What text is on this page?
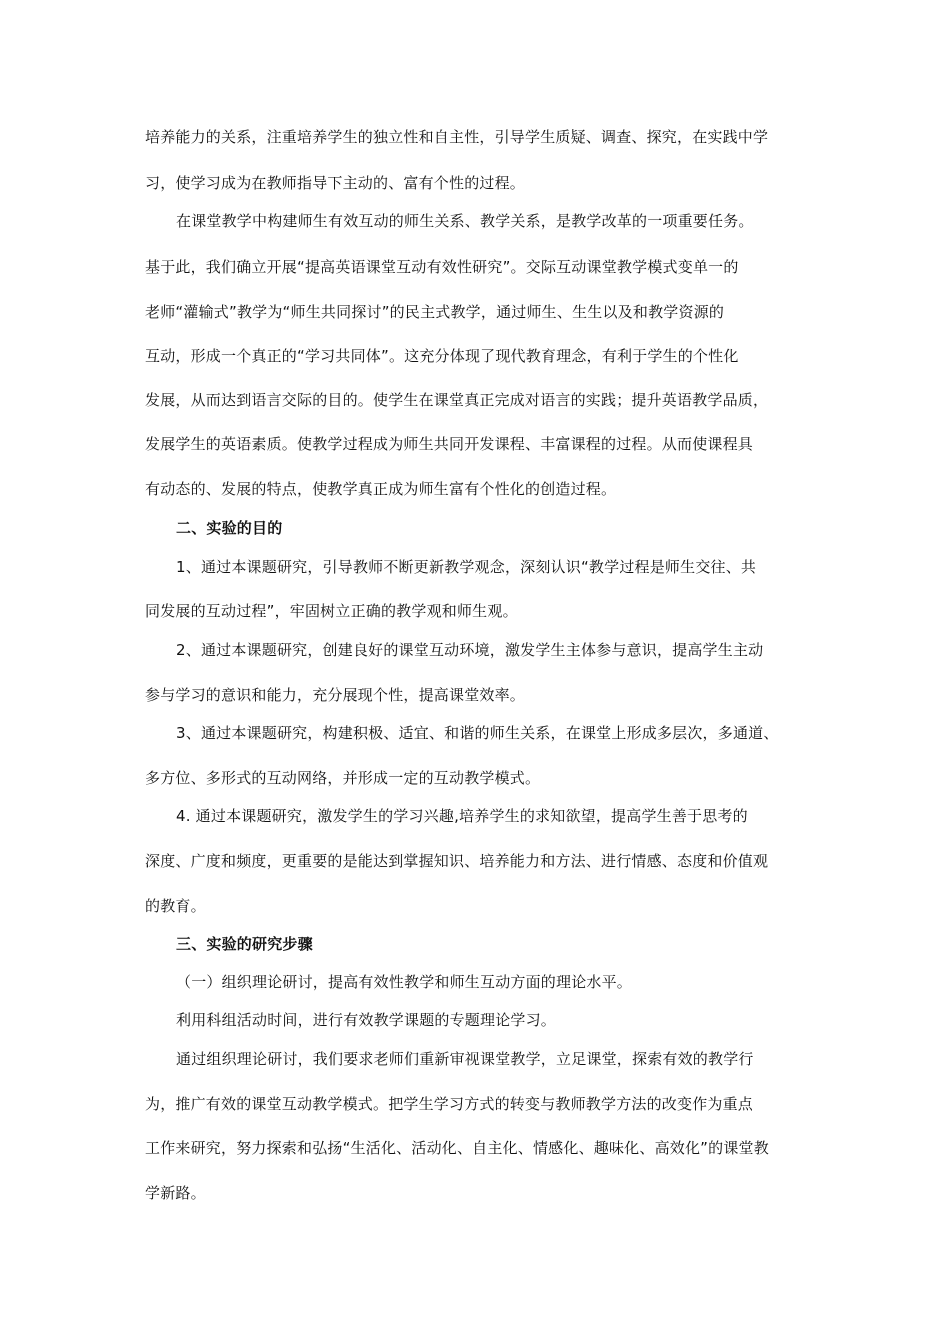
培养能力的关系，注重培养学生的独立性和自主性，引导学生质疑、调查、探究，在实践中学
习，使学习成为在教师指导下主动的、富有个性的过程。
在课堂教学中构建师生有效互动的师生关系、教学关系，是教学改革的一项重要任务。
基于此，我们确立开展“提高英语课堂互动有效性研究”。交际互动课堂教学模式变单一的
老师“灌输式”教学为“师生共同探讨”的民主式教学，通过师生、生生以及和教学资源的
互动，形成一个真正的“学习共同体”。这充分体现了现代教育理念，有利于学生的个性化
发展，从而达到语言交际的目的。使学生在课堂真正完成对语言的实践；提升英语教学品质，
发展学生的英语素质。使教学过程成为师生共同开发课程、丰富课程的过程。从而使课程具
有动态的、发展的特点，使教学真正成为师生富有个性化的创造过程。
二、实验的目的
1、通过本课题研究，引导教师不断更新教学观念，深刻认识“教学过程是师生交往、共
同发展的互动过程”，牢固树立正确的教学观和师生观。
2、通过本课题研究，创建良好的课堂互动环境，激发学生主体参与意识，提高学生主动
参与学习的意识和能力，充分展现个性，提高课堂效率。
3、通过本课题研究，构建积极、适宜、和谐的师生关系，在课堂上形成多层次，多通道、
多方位、多形式的互动网络，并形成一定的互动教学模式。
4. 通过本课题研究，激发学生的学习兴趣,培养学生的求知欲望，提高学生善于思考的
深度、广度和频度，更重要的是能达到掌握知识、培养能力和方法、进行情感、态度和价值观
的教育。
三、实验的研究步骤
（一）组织理论研讨，提高有效性教学和师生互动方面的理论水平。
利用科组活动时间，进行有效教学课题的专题理论学习。
通过组织理论研讨，我们要求老师们重新审视课堂教学，立足课堂，探索有效的教学行
为，推广有效的课堂互动教学模式。把学生学习方式的转变与教师教学方法的改变作为重点
工作来研究，努力探索和弘扬“生活化、活动化、自主化、情感化、趣味化、高效化”的课堂教
学新路。
